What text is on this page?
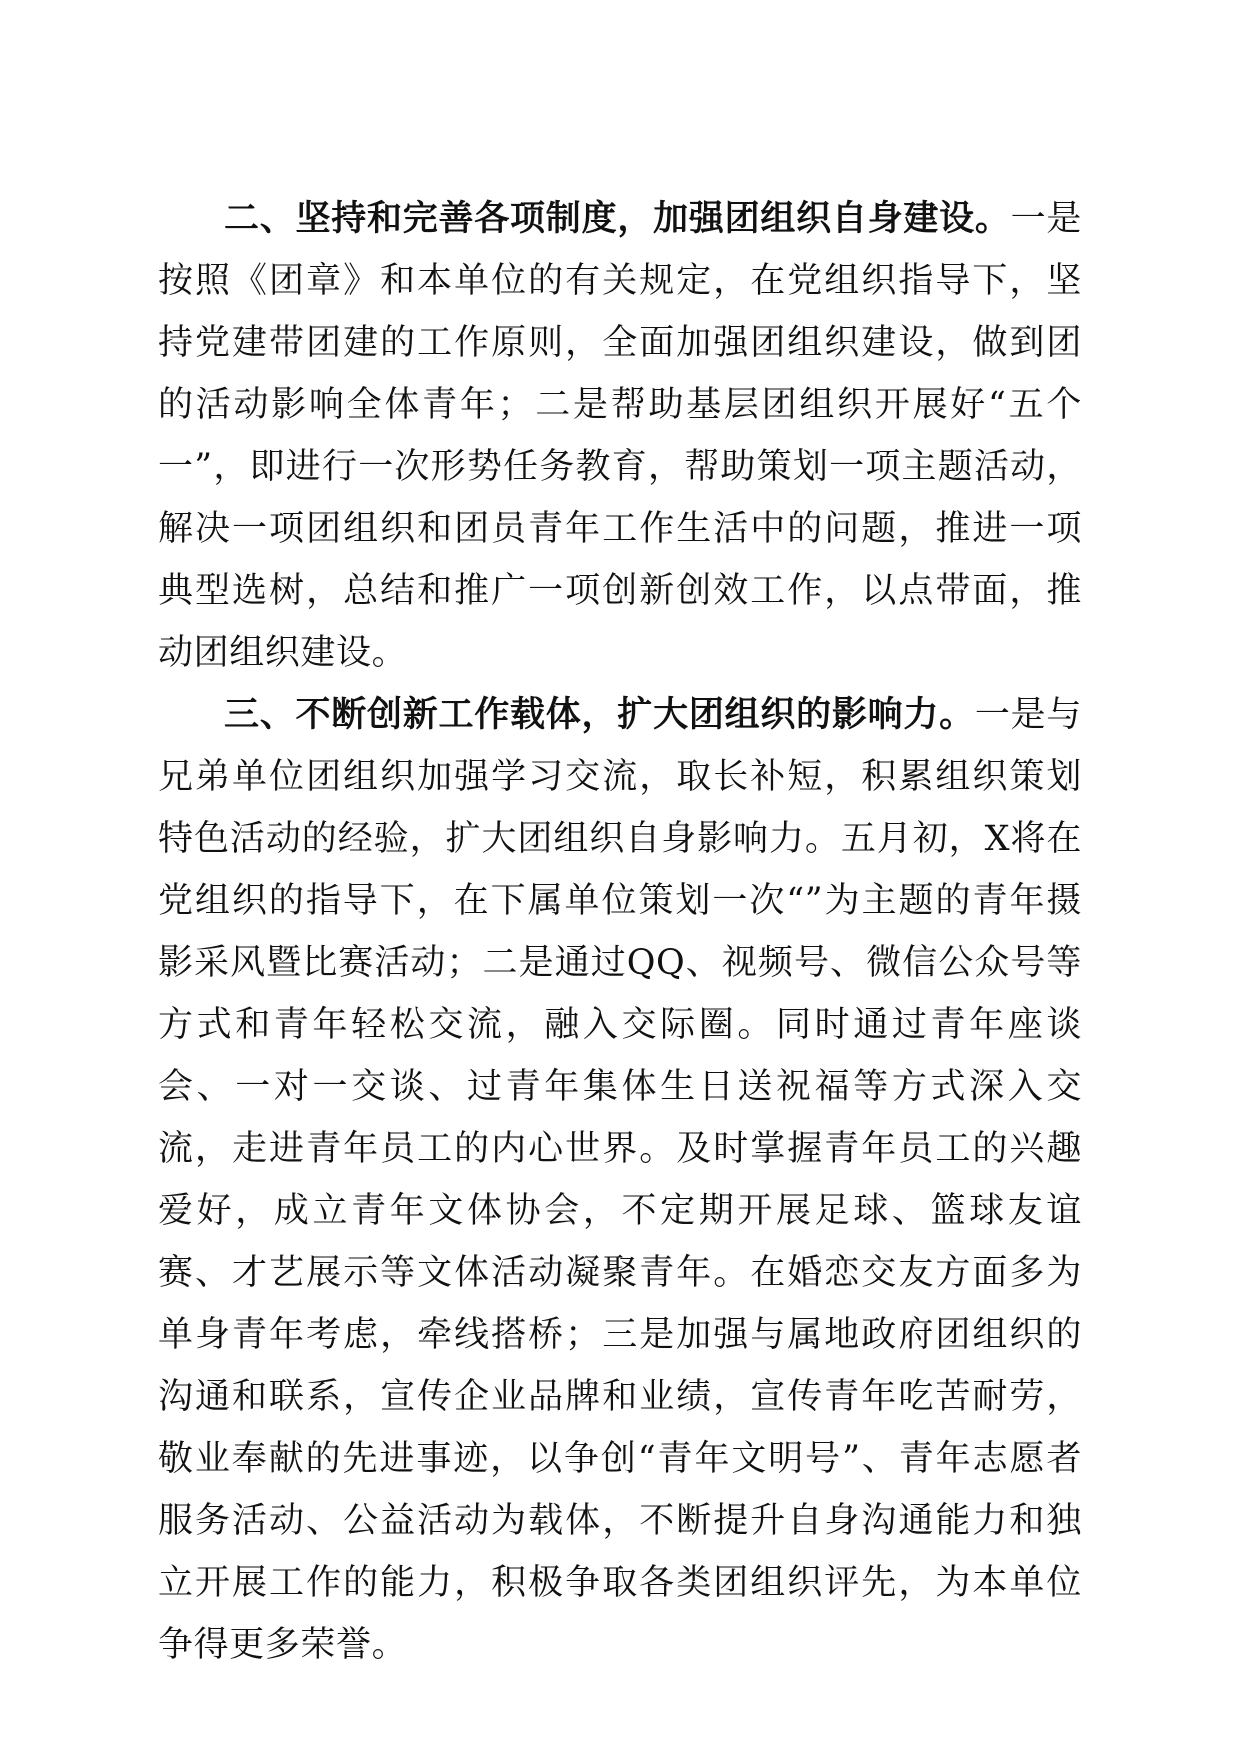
二、坚持和完善各项制度，加强团组织自身建设。一是按照《团章》和本单位的有关规定，在党组织指导下，坚持党建带团建的工作原则，全面加强团组织建设，做到团的活动影响全体青年；二是帮助基层团组织开展好“五个一”，即进行一次形势任务教育，帮助策划一项主题活动，解决一项团组织和团员青年工作生活中的问题，推进一项典型选树，总结和推广一项创新创效工作，以点带面，推动团组织建设。

三、不断创新工作载体，扩大团组织的影响力。一是与兄弟单位团组织加强学习交流，取长补短，积累组织策划特色活动的经验，扩大团组织自身影响力。五月初，X将在党组织的指导下，在下属单位策划一次“”为主题的青年摄影采风暨比赛活动；二是通过QQ、视频号、微信公众号等方式和青年轻松交流，融入交际圈。同时通过青年座谈会、一对一交谈、过青年集体生日送祝福等方式深入交流，走进青年员工的内心世界。及时掌握青年员工的兴趣爱好，成立青年文体协会，不定期开展足球、篮球友谊赛、才艺展示等文体活动凝聚青年。在婚恋交友方面多为单身青年考虑，牵线搭桥；三是加强与属地政府团组织的沟通和联系，宣传企业品牌和业绩，宣传青年吃苦耐劳，敬业奉献的先进事迹，以争创“青年文明号”、青年志愿者服务活动、公益活动为载体，不断提升自身沟通能力和独立开展工作的能力，积极争取各类团组织评先，为本单位争得更多荣誉。
